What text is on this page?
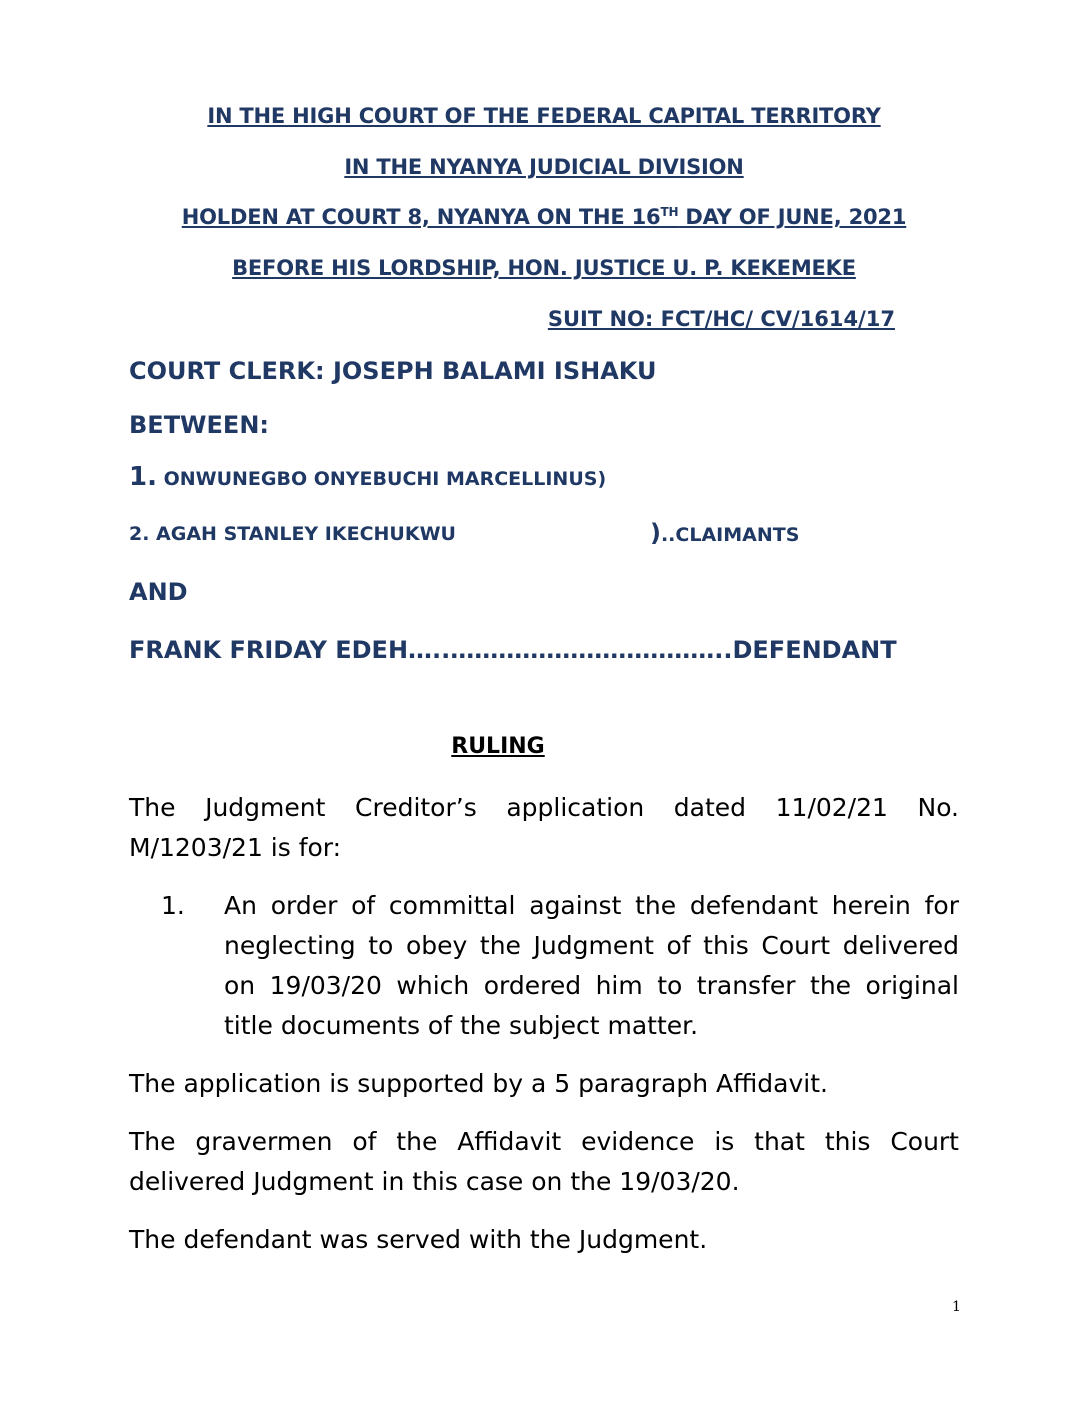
IN THE HIGH COURT OF THE FEDERAL CAPITAL TERRITORY
IN THE NYANYA JUDICIAL DIVISION
HOLDEN AT COURT 8, NYANYA ON THE 16TH DAY OF JUNE, 2021
BEFORE HIS LORDSHIP, HON. JUSTICE U. P. KEKEMEKE
SUIT NO: FCT/HC/ CV/1614/17
COURT CLERK: JOSEPH BALAMI ISHAKU
BETWEEN:
1. ONWUNEGBO ONYEBUCHI MARCELLINUS)
2. AGAH STANLEY IKECHUKWU	)..CLAIMANTS
AND
FRANK FRIDAY EDEH…..……………………………..DEFENDANT
RULING
The Judgment Creditor’s application dated 11/02/21 No. M/1203/21 is for:
1. An order of committal against the defendant herein for neglecting to obey the Judgment of this Court delivered on 19/03/20 which ordered him to transfer the original title documents of the subject matter.
The application is supported by a 5 paragraph Affidavit.
The gravermen of the Affidavit evidence is that this Court delivered Judgment in this case on the 19/03/20.
The defendant was served with the Judgment.
1
